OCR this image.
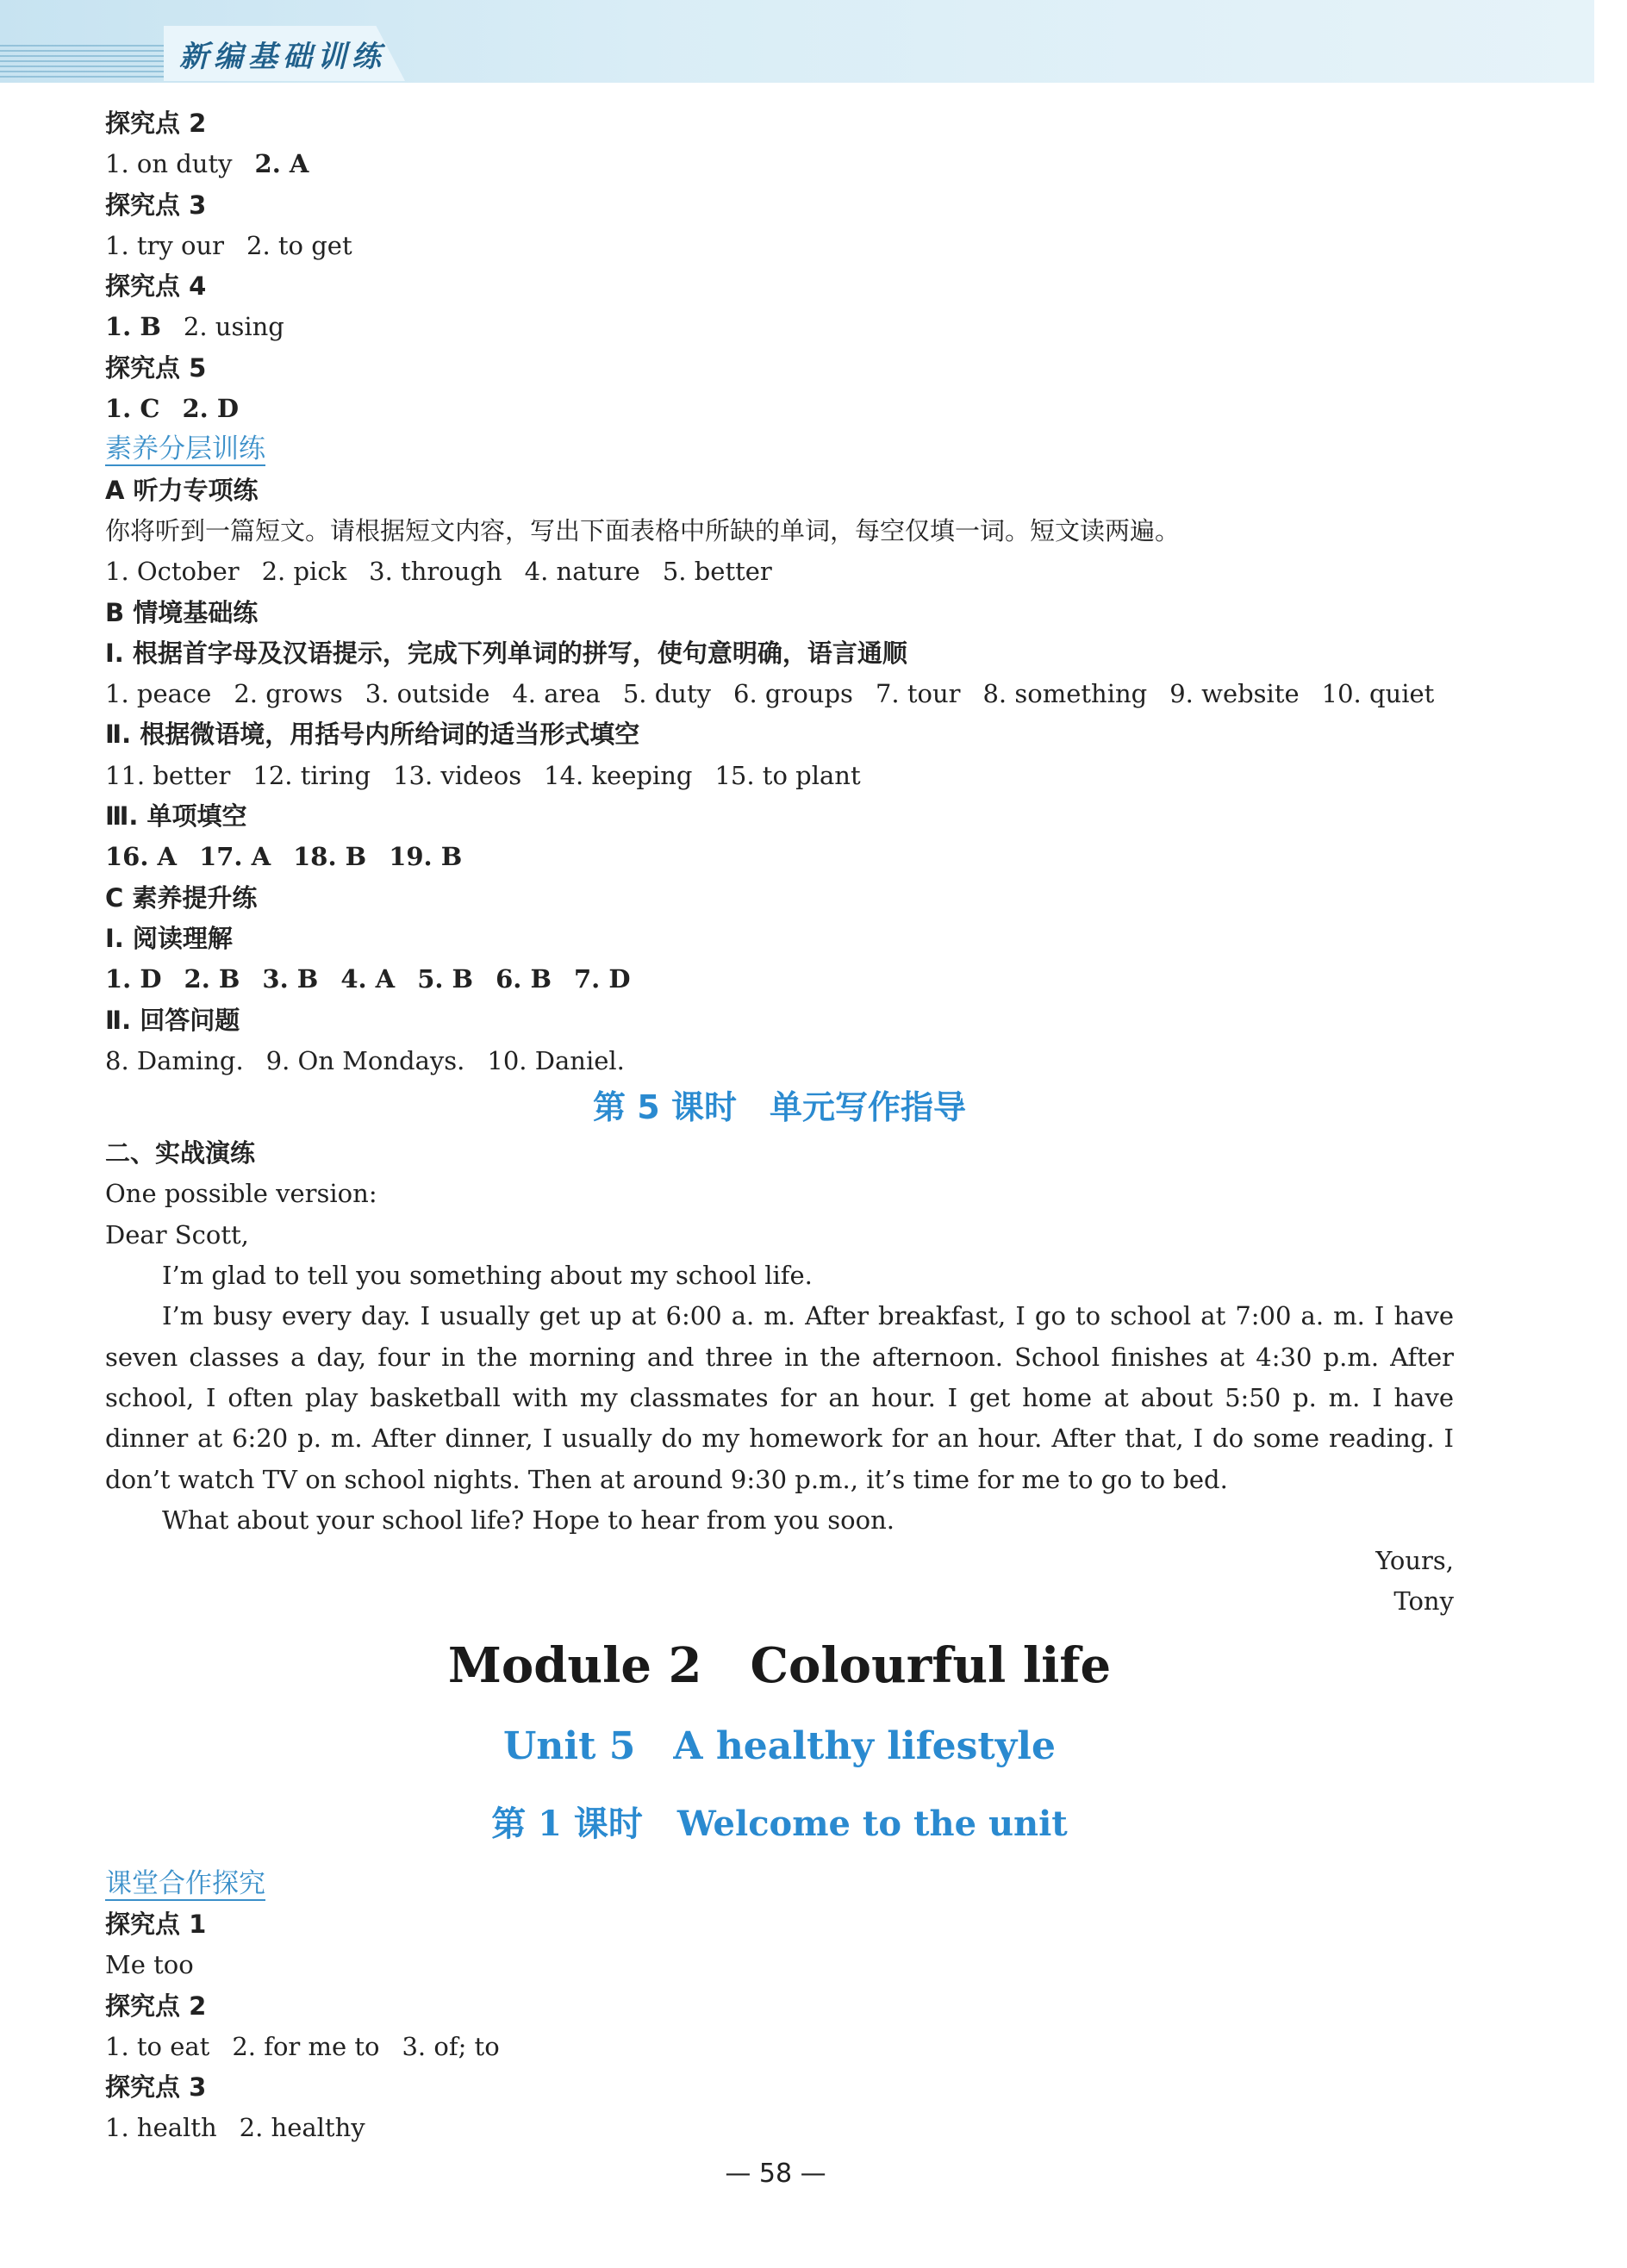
新编基础训练
探究点 2
1. on duty 2. A
探究点 3
1. try our 2. to get
探究点 4
1. B 2. using
探究点 5
1. C 2. D
素养分层训练
A 听力专项练
你将听到一篇短文。请根据短文内容，写出下面表格中所缺的单词，每空仅填一词。短文读两遍。
1. October 2. pick 3. through 4. nature 5. better
B 情境基础练
Ⅰ. 根据首字母及汉语提示，完成下列单词的拼写，使句意明确，语言通顺
1. peace 2. grows 3. outside 4. area 5. duty 6. groups 7. tour 8. something 9. website 10. quiet
Ⅱ. 根据微语境，用括号内所给词的适当形式填空
11. better 12. tiring 13. videos 14. keeping 15. to plant
Ⅲ. 单项填空
16. A 17. A 18. B 19. B
C 素养提升练
Ⅰ. 阅读理解
1. D 2. B 3. B 4. A 5. B 6. B 7. D
Ⅱ. 回答问题
8. Daming. 9. On Mondays. 10. Daniel.
第 5 课时　单元写作指导
二、实战演练
One possible version:
Dear Scott,
I’m glad to tell you something about my school life.
I’m busy every day. I usually get up at 6:00 a. m. After breakfast, I go to school at 7:00 a. m. I have seven classes a day, four in the morning and three in the afternoon. School finishes at 4:30 p.m. After school, I often play basketball with my classmates for an hour. I get home at about 5:50 p. m. I have dinner at 6:20 p. m. After dinner, I usually do my homework for an hour. After that, I do some reading. I don’t watch TV on school nights. Then at around 9:30 p.m., it’s time for me to go to bed.
What about your school life? Hope to hear from you soon.
Yours,
Tony
Module 2　Colourful life
Unit 5　A healthy lifestyle
第 1 课时　Welcome to the unit
课堂合作探究
探究点 1
Me too
探究点 2
1. to eat 2. for me to 3. of; to
探究点 3
1. health 2. healthy
— 58 —
